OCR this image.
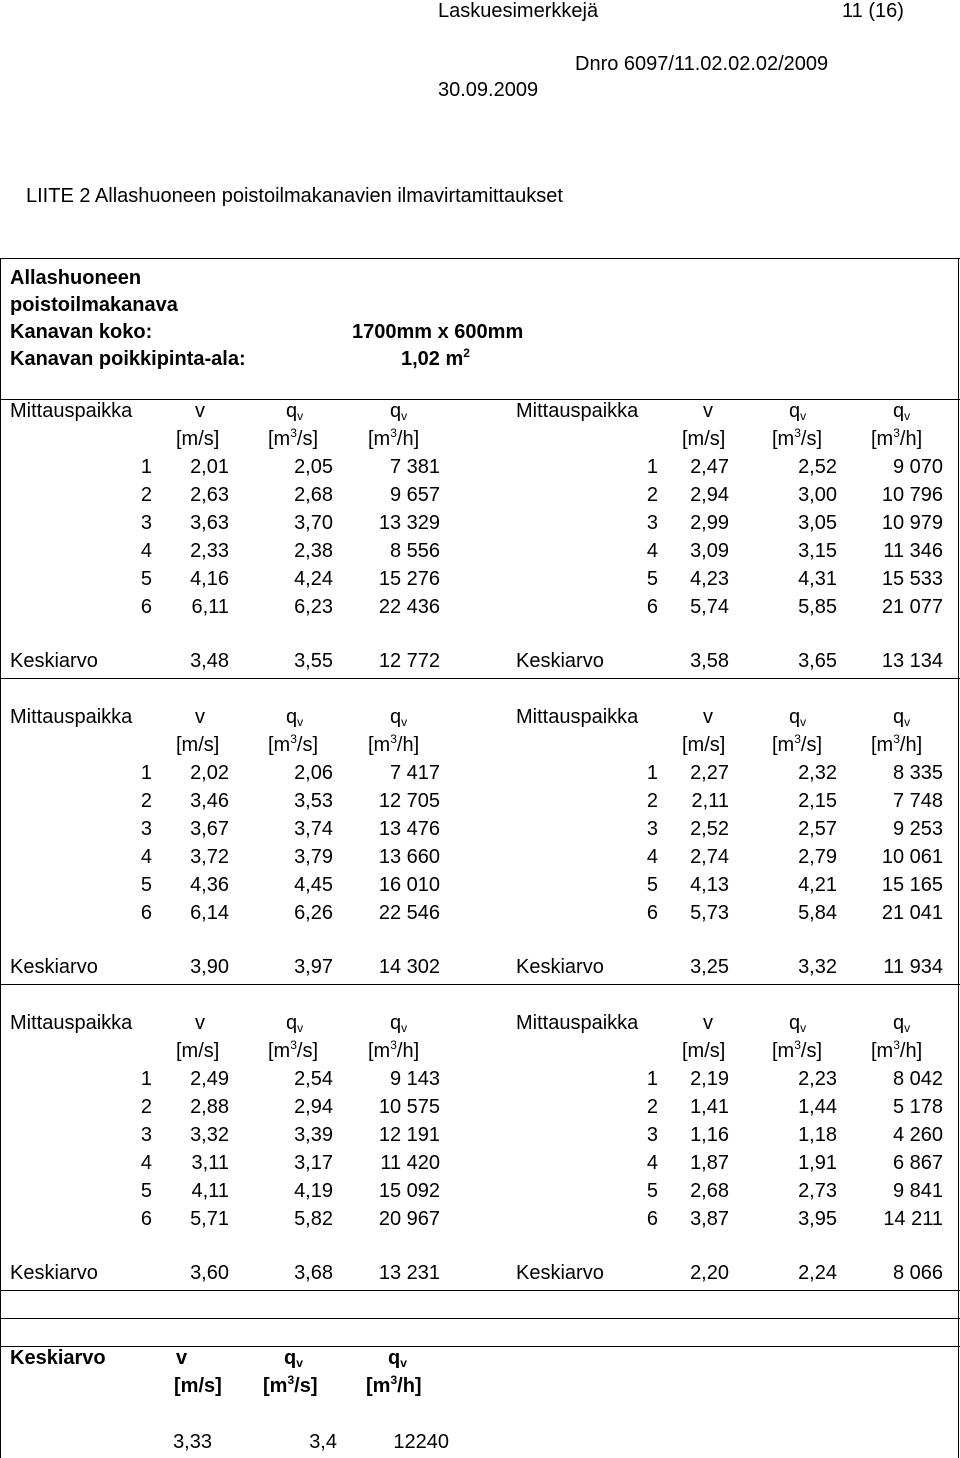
Laskuesimerkkejä	11 (16)
Dnro 6097/11.02.02.02/2009
30.09.2009
LIITE 2 Allashuoneen poistoilmakanavien ilmavirtamittaukset
Allashuoneen
poistoilmakanava
Kanavan koko:	1700mm x 600mm
Kanavan poikkipinta-ala:	1,02 $m^2$
Mittauspaikka	v	$q_v$	$q_v$
[m/s] $[m^3/s]$ $[m^3/h]$
1 2,01	2,05	7 381
2 2,63	2,68	9 657
3 3,63	3,70 13 329
4 2,33	2,38	8 556
5 4,16	4,24 15 276
6 6,11	6,23 22 436
Keskiarvo	3,48	3,55 12 772
Mittauspaikka	v	$q_v$	$q_v$
[m/s] $[m^3/s]$ $[m^3/h]$
1 2,47	2,52	9 070
2 2,94	3,00 10 796
3 2,99	3,05 10 979
4 3,09	3,15 11 346
5 4,23	4,31 15 533
6 5,74	5,85 21 077
Keskiarvo	3,58	3,65 13 134
Mittauspaikka	v	$q_v$	$q_v$
[m/s] $[m^3/s]$ $[m^3/h]$
1 2,02	2,06	7 417
2 3,46	3,53 12 705
3 3,67	3,74 13 476
4 3,72	3,79 13 660
5 4,36	4,45 16 010
6 6,14	6,26 22 546
Keskiarvo	3,90	3,97 14 302
Mittauspaikka	v	$q_v$	$q_v$
[m/s] $[m^3/s]$ $[m^3/h]$
1 2,27	2,32	8 335
2 2,11	2,15	7 748
3 2,52	2,57	9 253
4 2,74	2,79 10 061
5 4,13	4,21 15 165
6 5,73	5,84 21 041
Keskiarvo	3,25	3,32 11 934
Mittauspaikka	v	$q_v$	$q_v$
[m/s] $[m^3/s]$ $[m^3/h]$
1 2,49	2,54	9 143
2 2,88	2,94 10 575
3 3,32	3,39 12 191
4 3,11	3,17 11 420
5 4,11	4,19 15 092
6 5,71	5,82 20 967
Keskiarvo	3,60	3,68 13 231
Mittauspaikka	v	$q_v$	$q_v$
[m/s] $[m^3/s]$ $[m^3/h]$
1 2,19	2,23	8 042
2 1,41	1,44	5 178
3 1,16	1,18	4 260
4 1,87	1,91	6 867
5 2,68	2,73	9 841
6 3,87	3,95 14 211
Keskiarvo	2,20	2,24	8 066
Keskiarvo	v	$q_v$	$q_v$
[m/s] $[m^3/s]$ $[m^3/h]$
3,33	3,4	12240
